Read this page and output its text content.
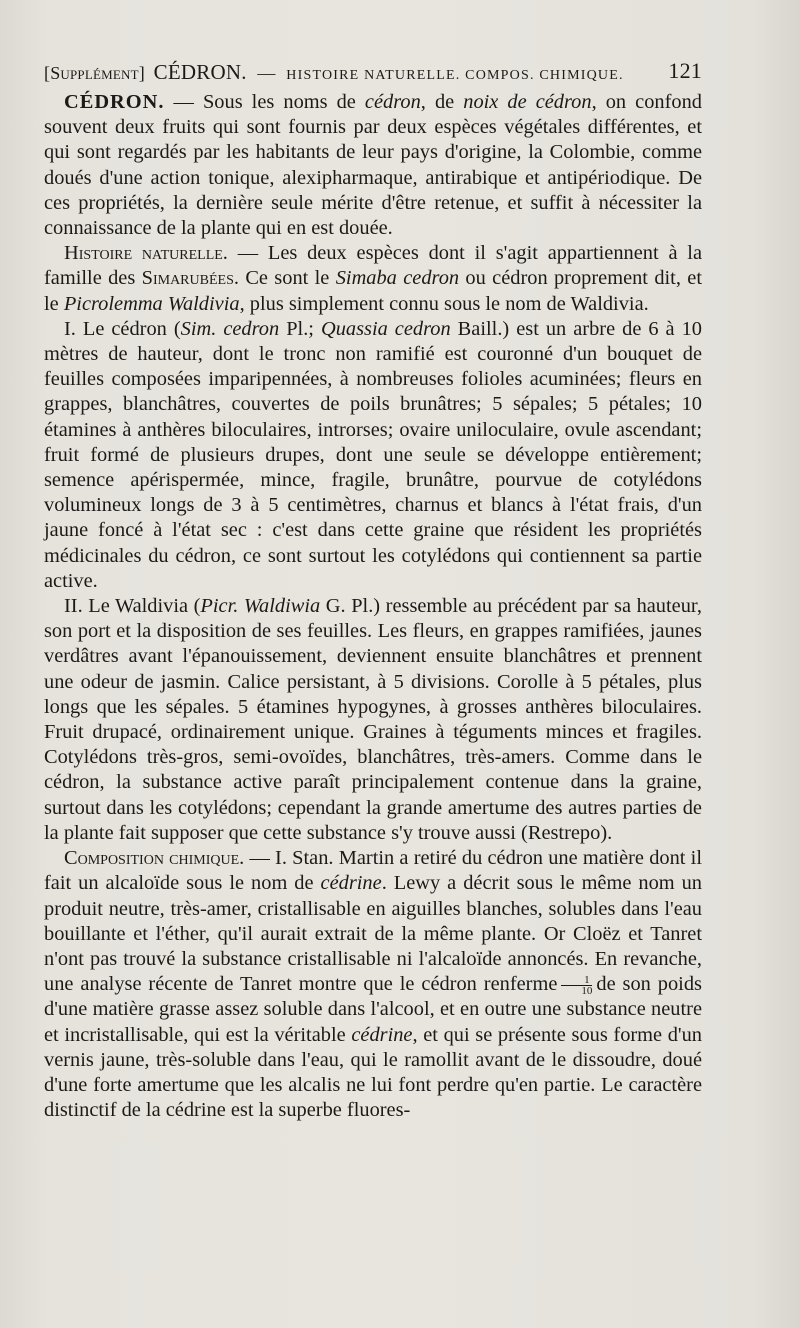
[Supplément] CÉDRON. — HISTOIRE NATURELLE. COMPOS. CHIMIQUE. 121

CÉDRON. — Sous les noms de cédron, de noix de cédron, on confond souvent deux fruits qui sont fournis par deux espèces végétales différentes, et qui sont regardés par les habitants de leur pays d'origine, la Colombie, comme doués d'une action tonique, alexipharmaque, antirabique et antipériodique. De ces propriétés, la dernière seule mérite d'être retenue, et suffit à nécessiter la connaissance de la plante qui en est douée.

Histoire naturelle. — Les deux espèces dont il s'agit appartiennent à la famille des Simarubées. Ce sont le Simaba cedron ou cédron proprement dit, et le Picrolemma Waldivia, plus simplement connu sous le nom de Waldivia.

I. Le cédron (Sim. cedron Pl.; Quassia cedron Baill.) est un arbre de 6 à 10 mètres de hauteur, dont le tronc non ramifié est couronné d'un bouquet de feuilles composées imparipennées, à nombreuses folioles acuminées; fleurs en grappes, blanchâtres, couvertes de poils brunâtres; 5 sépales; 5 pétales; 10 étamines à anthères biloculaires, introrses; ovaire uniloculaire, ovule ascendant; fruit formé de plusieurs drupes, dont une seule se développe entièrement; semence apérispermée, mince, fragile, brunâtre, pourvue de cotylédons volumineux longs de 3 à 5 centimètres, charnus et blancs à l'état frais, d'un jaune foncé à l'état sec : c'est dans cette graine que résident les propriétés médicinales du cédron, ce sont surtout les cotylédons qui contiennent sa partie active.

II. Le Waldivia (Picr. Waldiwia G. Pl.) ressemble au précédent par sa hauteur, son port et la disposition de ses feuilles. Les fleurs, en grappes ramifiées, jaunes verdâtres avant l'épanouissement, deviennent ensuite blanchâtres et prennent une odeur de jasmin. Calice persistant, à 5 divisions. Corolle à 5 pétales, plus longs que les sépales. 5 étamines hypogynes, à grosses anthères biloculaires. Fruit drupacé, ordinairement unique. Graines à téguments minces et fragiles. Cotylédons très-gros, semi-ovoïdes, blanchâtres, très-amers. Comme dans le cédron, la substance active paraît principalement contenue dans la graine, surtout dans les cotylédons; cependant la grande amertume des autres parties de la plante fait supposer que cette substance s'y trouve aussi (Restrepo).

Composition chimique. — I. Stan. Martin a retiré du cédron une matière dont il fait un alcaloïde sous le nom de cédrine. Lewy a décrit sous le même nom un produit neutre, très-amer, cristallisable en aiguilles blanches, solubles dans l'eau bouillante et l'éther, qu'il aurait extrait de la même plante. Or Cloëz et Tanret n'ont pas trouvé la substance cristallisable ni l'alcaloïde annoncés. En revanche, une analyse récente de Tanret montre que le cédron renferme $\frac{1}{10}$ de son poids d'une matière grasse assez soluble dans l'alcool, et en outre une substance neutre et incristallisable, qui est la véritable cédrine, et qui se présente sous forme d'un vernis jaune, très-soluble dans l'eau, qui le ramollit avant de le dissoudre, doué d'une forte amertume que les alcalis ne lui font perdre qu'en partie. Le caractère distinctif de la cédrine est la superbe fluores-
